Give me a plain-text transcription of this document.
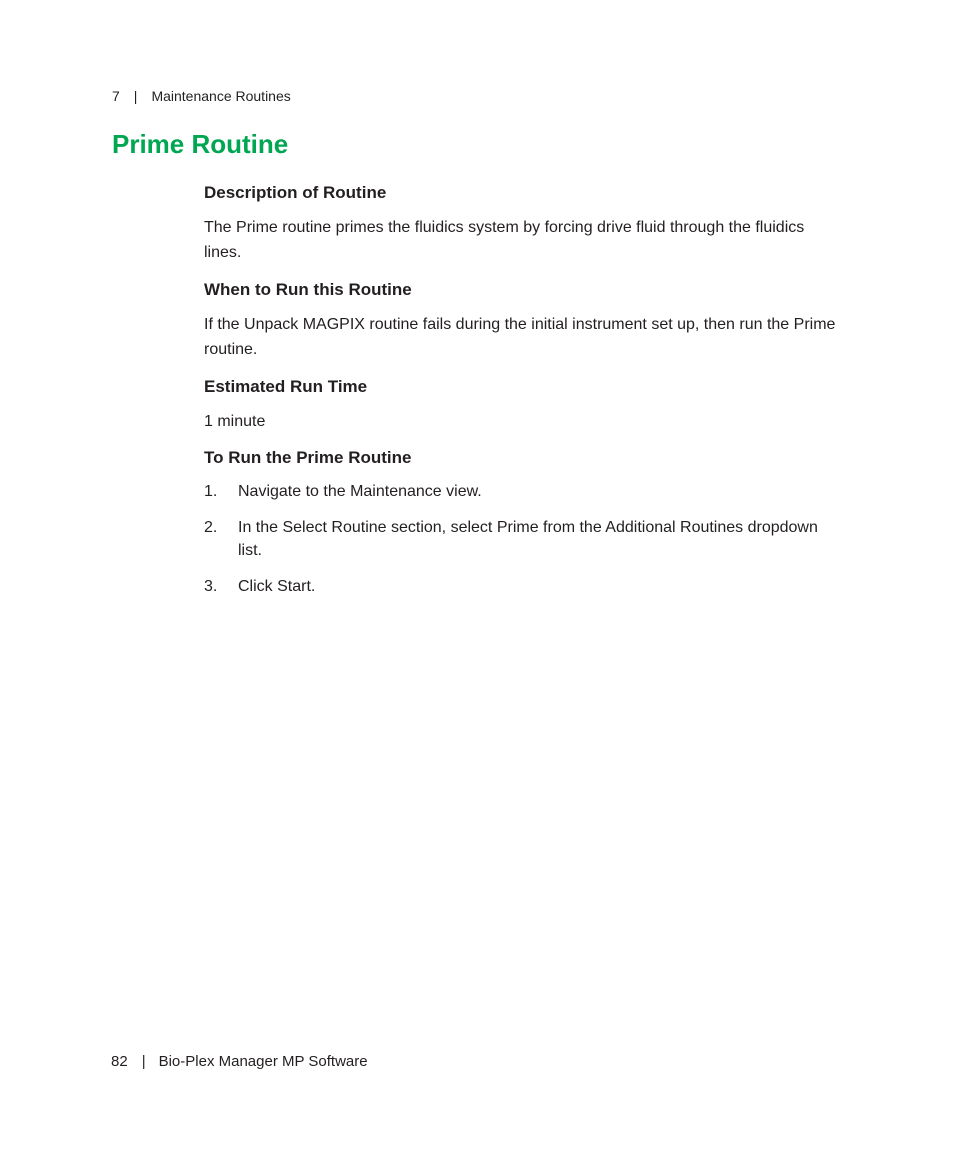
7 | Maintenance Routines
Prime Routine
Description of Routine

The Prime routine primes the fluidics system by forcing drive fluid through the fluidics lines.

When to Run this Routine

If the Unpack MAGPIX routine fails during the initial instrument set up, then run the Prime routine.

Estimated Run Time

1 minute

To Run the Prime Routine
1. Navigate to the Maintenance view.
2. In the Select Routine section, select Prime from the Additional Routines dropdown list.
3. Click Start.
82 | Bio-Plex Manager MP Software
